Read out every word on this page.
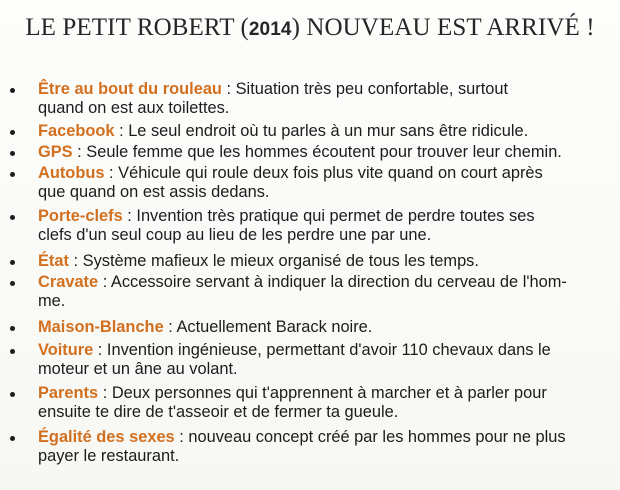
LE PETIT ROBERT (2014) NOUVEAU EST ARRIVÉ !
Être au bout du rouleau : Situation très peu confortable, surtout
quand on est aux toilettes.
Facebook : Le seul endroit où tu parles à un mur sans être ridicule.
GPS : Seule femme que les hommes écoutent pour trouver leur chemin.
Autobus : Véhicule qui roule deux fois plus vite quand on court après
que quand on est assis dedans.
Porte-clefs : Invention très pratique qui permet de perdre toutes ses
clefs d'un seul coup au lieu de les perdre une par une.
État : Système mafieux le mieux organisé de tous les temps.
Cravate : Accessoire servant à indiquer la direction du cerveau de l'hom-
me.
Maison-Blanche : Actuellement Barack noire.
Voiture : Invention ingénieuse, permettant d'avoir 110 chevaux dans le
moteur et un âne au volant.
Parents : Deux personnes qui t'apprennent à marcher et à parler pour
ensuite te dire de t'asseoir et de fermer ta gueule.
Égalité des sexes : nouveau concept créé par les hommes pour ne plus
payer le restaurant.
